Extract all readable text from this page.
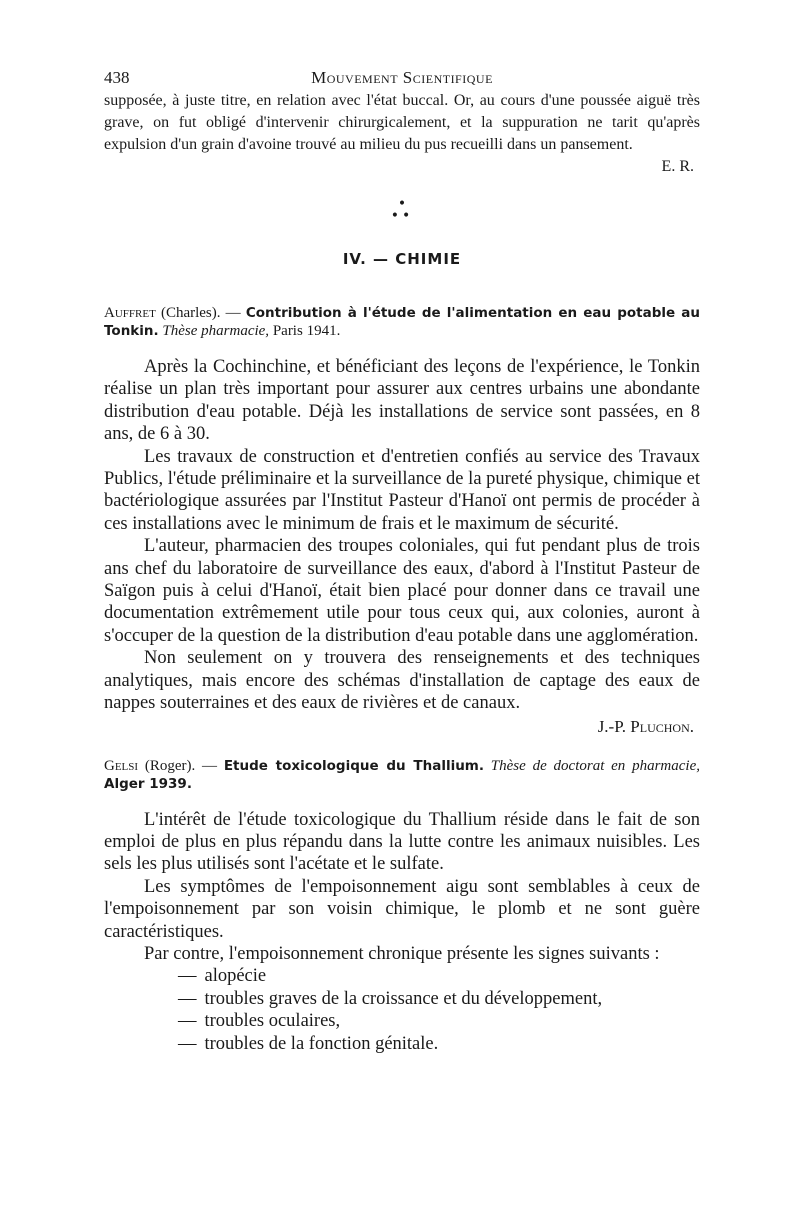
438	Mouvement Scientifique

supposée, à juste titre, en relation avec l'état buccal. Or, au cours d'une poussée aiguë très grave, on fut obligé d'intervenir chirurgicalement, et la suppuration ne tarit qu'après expulsion d'un grain d'avoine trouvé au milieu du pus recueilli dans un pansement.

E. R.
•
••
IV. — CHIMIE

Auffret (Charles). — Contribution à l'étude de l'alimentation en eau potable au Tonkin. Thèse pharmacie, Paris 1941.

Après la Cochinchine, et bénéficiant des leçons de l'expérience, le Tonkin réalise un plan très important pour assurer aux centres urbains une abondante distribution d'eau potable. Déjà les installations de service sont passées, en 8 ans, de 6 à 30.

Les travaux de construction et d'entretien confiés au service des Travaux Publics, l'étude préliminaire et la surveillance de la pureté physique, chimique et bactériologique assurées par l'Institut Pasteur d'Hanoï ont permis de procéder à ces installations avec le minimum de frais et le maximum de sécurité.

L'auteur, pharmacien des troupes coloniales, qui fut pendant plus de trois ans chef du laboratoire de surveillance des eaux, d'abord à l'Institut Pasteur de Saïgon puis à celui d'Hanoï, était bien placé pour donner dans ce travail une documentation extrêmement utile pour tous ceux qui, aux colonies, auront à s'occuper de la question de la distribution d'eau potable dans une agglomération.

Non seulement on y trouvera des renseignements et des techniques analytiques, mais encore des schémas d'installation de captage des eaux de nappes souterraines et des eaux de rivières et de canaux.

J.-P. Pluchon.

Gelsi (Roger). — Etude toxicologique du Thallium. Thèse de doctorat en pharmacie, Alger 1939.

L'intérêt de l'étude toxicologique du Thallium réside dans le fait de son emploi de plus en plus répandu dans la lutte contre les animaux nuisibles. Les sels les plus utilisés sont l'acétate et le sulfate.

Les symptômes de l'empoisonnement aigu sont semblables à ceux de l'empoisonnement par son voisin chimique, le plomb et ne sont guère caractéristiques.

Par contre, l'empoisonnement chronique présente les signes suivants :

— alopécie
— troubles graves de la croissance et du développement,
— troubles oculaires,
— troubles de la fonction génitale.
